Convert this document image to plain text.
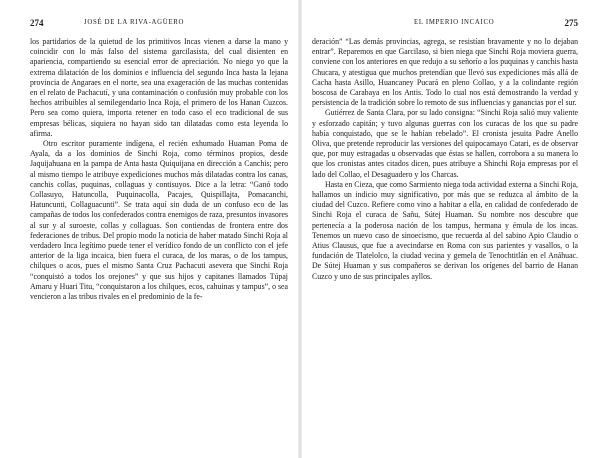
274	JOSÉ DE LA RIVA-AGÜERO

los partidarios de la quietud de los primitivos Incas vienen a darse la mano y coincidir con lo más falso del sistema garcilasista, del cual disienten en apariencia, compartiendo su esencial error de apreciación. No niego yo que la extrema dilatación de los dominios e influencia del segundo Inca hasta la lejana provincia de Angaraes en el norte, sea una exageración de las muchas contenidas en el relato de Pachacutí, y una contaminación o confusión muy probable con los hechos atribuibles al semilegendario Inca Roja, el primero de los Hanan Cuzcos. Pero sea como quiera, importa retener en todo caso el eco tradicional de sus empresas bélicas, siquiera no hayan sido tan dilatadas como esta leyenda lo afirma.

Otro escritor puramente indígena, el recién exhumado Huaman Poma de Ayala, da a los dominios de Sinchi Roja, como términos propios, desde Jaquijahuana en la pampa de Anta hasta Quiquijana en dirección a Canchis; pero al mismo tiempo le atribuye expediciones muchos más dilatadas contra los canas, canchis collas, puquinas, collaguas y contisuyos. Dice a la letra: “Ganó todo Collasuyo, Hatuncolla, Puquinacolla, Pacajes, Quispillajta, Pomacanchi, Hatuncunti, Collaguacunti”. Se trata aquí sin duda de un confuso eco de las campañas de todos los confederados contra enemigos de raza, presuntos invasores al sur y al suroeste, collas y collaguas. Son contiendas de frontera entre dos federaciones de tribus. Del propio modo la noticia de haber matado Sinchi Roja al verdadero Inca legítimo puede tener el verídico fondo de un conflicto con el jefe anterior de la liga incaica, bien fuera el curaca, de los maras, o de los tampus, chilques o acos, pues el mismo Santa Cruz Pachacuti asevera que Sinchi Roja “conquistó a todos los orejones” y que sus hijos y capitanes llamados Túpaj Amaru y Huari Titu, “conquistaron a los chilques, ecos, cahuinas y tampus”, o sea vencieron a las tribus rivales en el predominio de la fe-

EL IMPERIO INCAICO	275

deración” “Las demás provincias, agrega, se resistían bravamente y no lo dejaban entrar”. Reparemos en que Garcilaso, si bien niega que Sinchi Roja moviera guerra, conviene con los anteriores en que redujo a su señorío a los puquinas y canchis hasta Chucara, y atestigua que muchos pretendían que llevó sus expediciones más allá de Cacha hasta Asillo, Huancaney Pucará en pleno Collao, y a la colindante región boscosa de Carabaya en los Antis. Todo lo cual nos está demostrando la verdad y persistencia de la tradición sobre lo remoto de sus influencias y ganancias por el sur.

Gutiérrez de Santa Clara, por su lado consigna: “Sinchi Roja salió muy valiente y esforzado capitán; y tuvo algunas guerras con los curacas de los que su padre había conquistado, que se le habían rebelado”. El cronista jesuita Padre Anello Oliva, que pretende reproducir las versiones del quipocamayo Catari, es de observar que, por muy estragadas u observadas que éstas se hallen, corrobora a su manera lo que los cronistas antes citados dicen, pues atribuye a Shinchi Roja empresas por el lado del Collao, el Desaguadero y los Charcas.

Hasta en Cieza, que como Sarmiento niega toda actividad externa a Sinchi Roja, hallamos un indicio muy significativo, por más que se reduzca al ámbito de la ciudad del Cuzco. Refiere como vino a habitar a ella, en calidad de confederado de Sinchi Roja el curaca de Sañu, Sútej Huaman. Su nombre nos descubre que pertenecía a la poderosa nación de los tampus, hermana y émula de los incas. Tenemos un nuevo caso de sinoecismo, que recuerda al del sabino Apio Claudio o Atius Clausus, que fue a avecindarse en Roma con sus parientes y vasallos, o la fundación de Tlatelolco, la ciudad vecina y gemela de Tenochtitlán en el Anáhuac. De Sútej Huaman y sus compañeros se derivan los orígenes del barrio de Hanan Cuzco y uno de sus principales ayllos.
